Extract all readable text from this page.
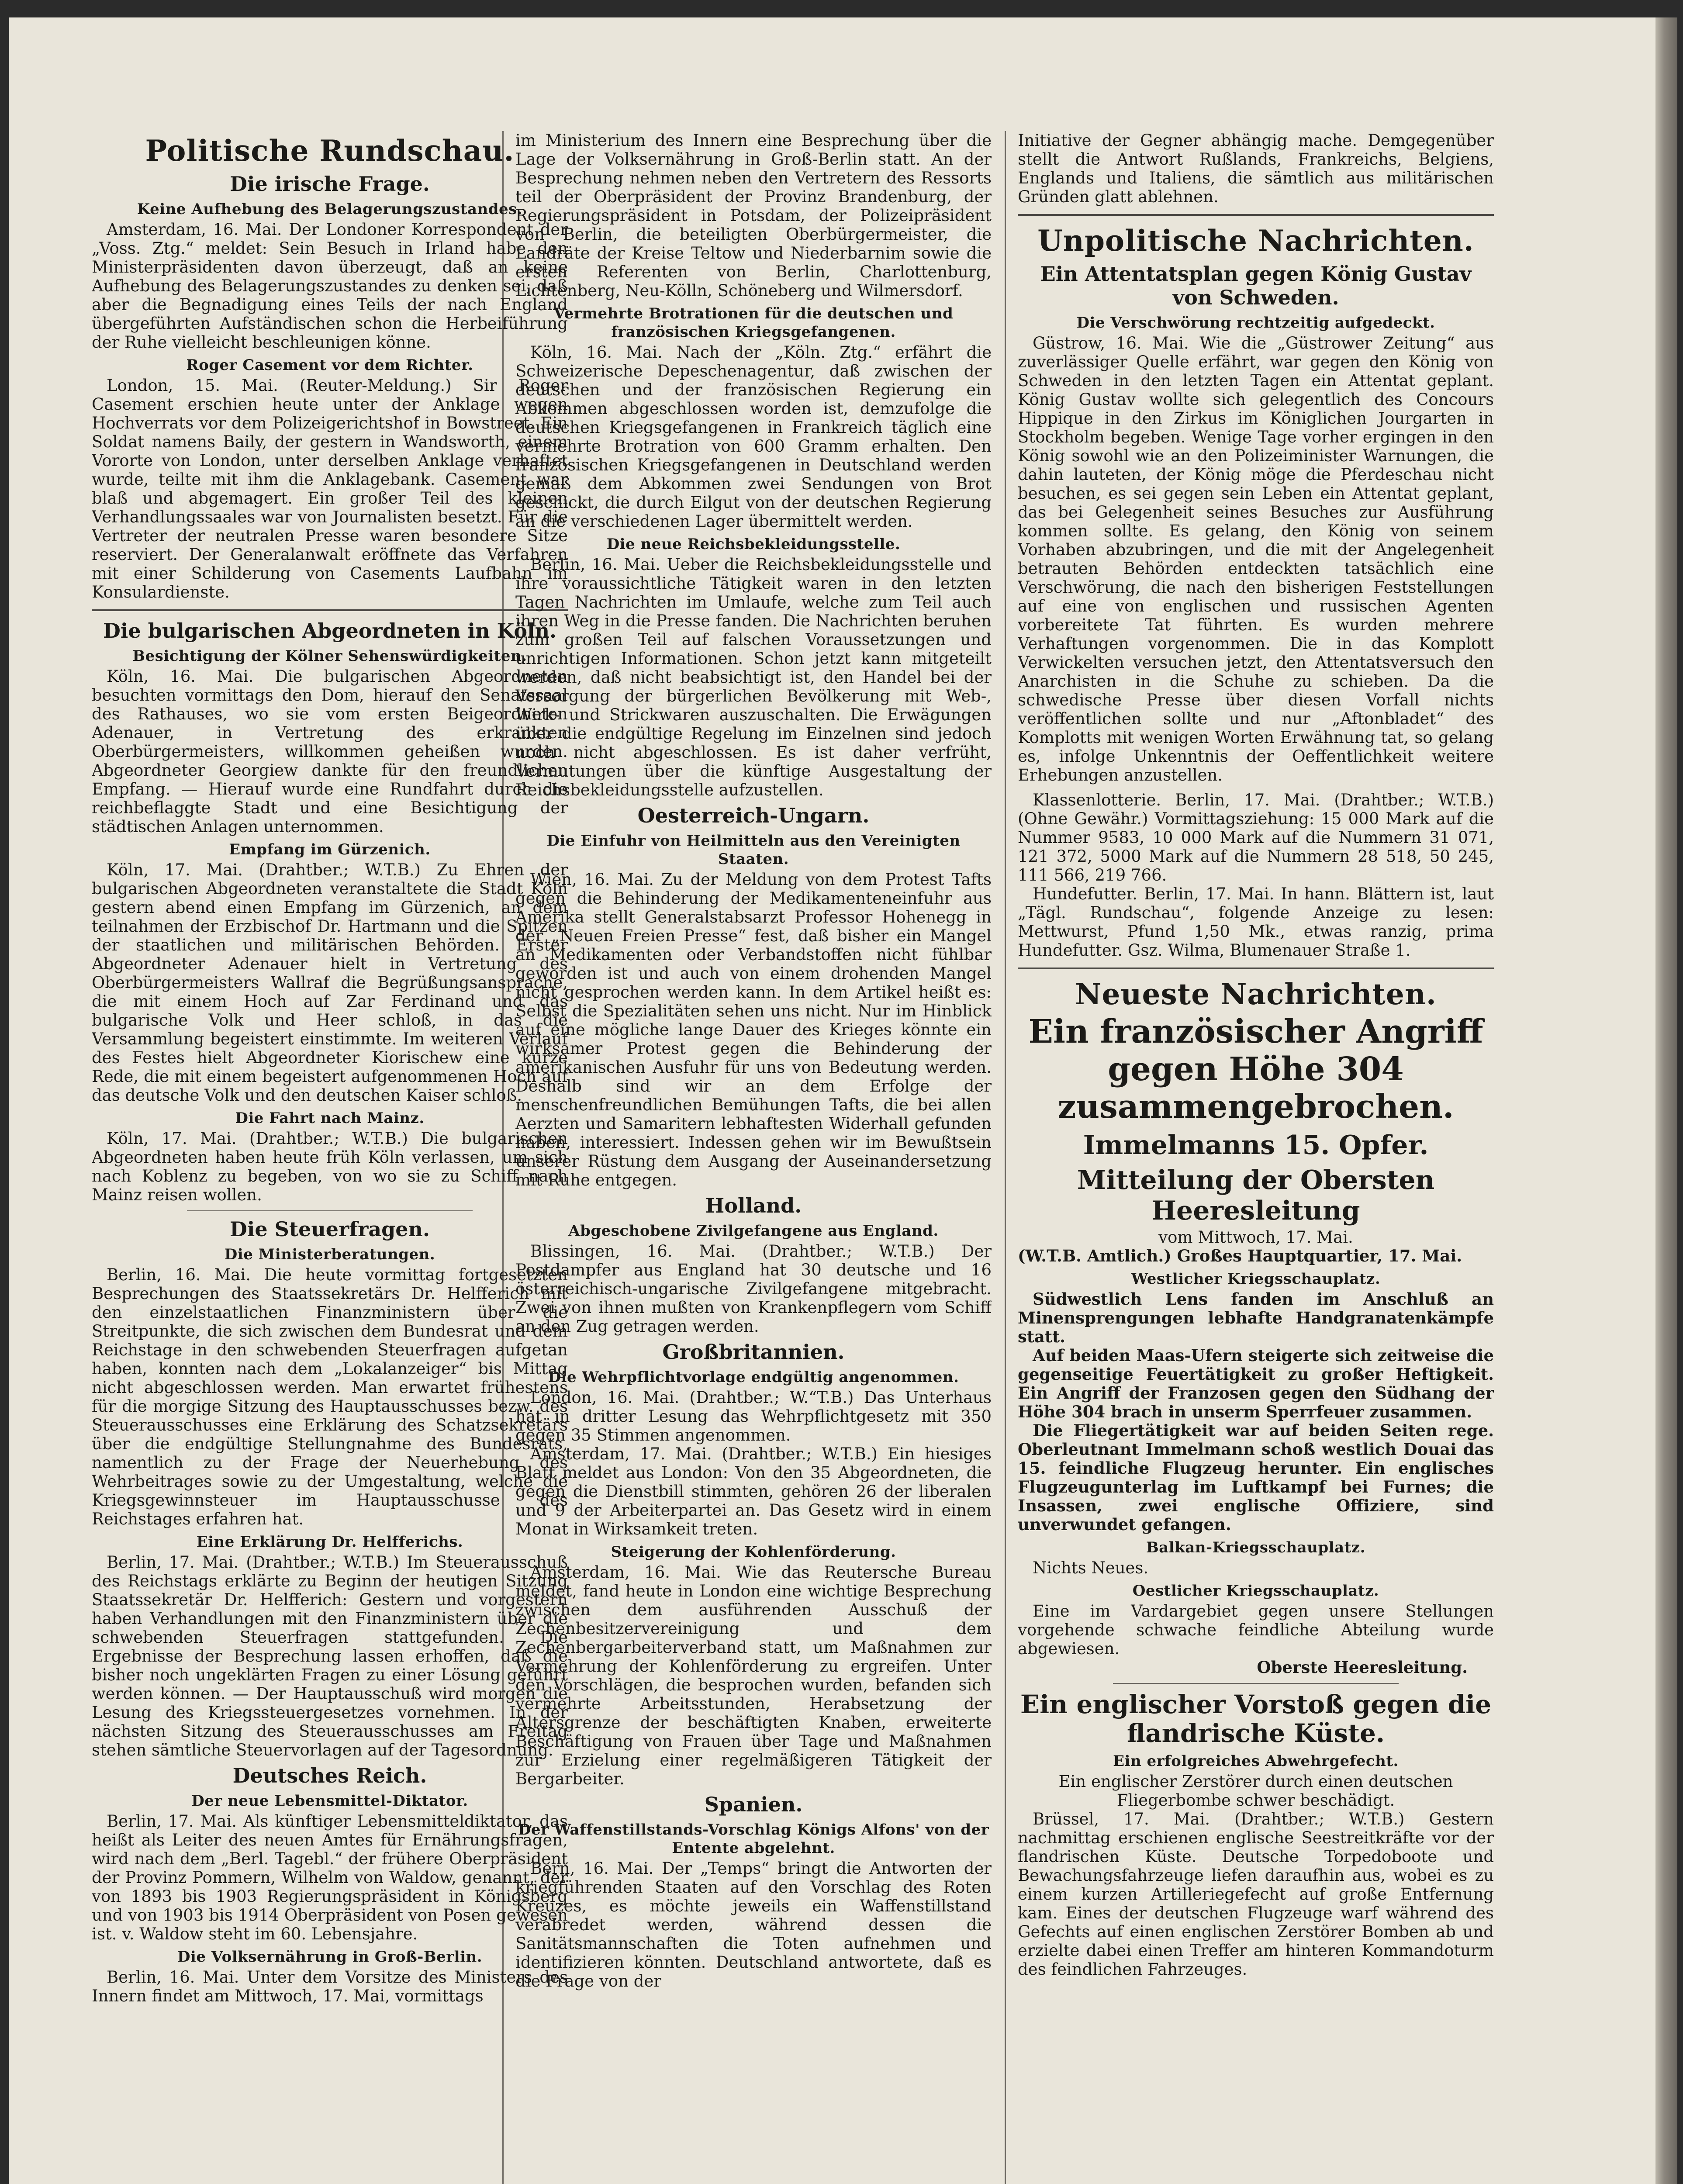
Politische Rundschau.
Die irische Frage.
Keine Aufhebung des Belagerungszustandes.

Amsterdam, 16. Mai. Der Londoner Korrespondent der „Voss. Ztg.“ meldet: Sein Besuch in Irland habe den Ministerpräsidenten davon überzeugt, daß an keine Aufhebung des Belagerungszustandes zu denken sei, daß aber die Begnadigung eines Teils der nach England übergeführten Aufständischen schon die Herbeiführung der Ruhe vielleicht beschleunigen könne.

Roger Casement vor dem Richter.

London, 15. Mai. (Reuter-Meldung.) Sir Roger Casement erschien heute unter der Anklage wegen Hochverrats vor dem Polizeigerichtshof in Bowstreet. Ein Soldat namens Baily, der gestern in Wandsworth, einem Vororte von London, unter derselben Anklage verhaftet wurde, teilte mit ihm die Anklagebank. Casement war blaß und abgemagert. Ein großer Teil des kleinen Verhandlungssaales war von Journalisten besetzt. Für die Vertreter der neutralen Presse waren besondere Sitze reserviert. Der Generalanwalt eröffnete das Verfahren mit einer Schilderung von Casements Laufbahn im Konsulardienste.

Die bulgarischen Abgeordneten in Köln.
Besichtigung der Kölner Sehenswürdigkeiten.

Köln, 16. Mai. Die bulgarischen Abgeordneten besuchten vormittags den Dom, hierauf den Senatssaal des Rathauses, wo sie vom ersten Beigeordneten Adenauer, in Vertretung des erkrankten Oberbürgermeisters, willkommen geheißen wurden. Abgeordneter Georgiew dankte für den freundlichen Empfang. — Hierauf wurde eine Rundfahrt durch die reichbeflaggte Stadt und eine Besichtigung der städtischen Anlagen unternommen.

Empfang im Gürzenich.

Köln, 17. Mai. (Drahtber.; W.T.B.) Zu Ehren der bulgarischen Abgeordneten veranstaltete die Stadt Köln gestern abend einen Empfang im Gürzenich, an dem teilnahmen der Erzbischof Dr. Hartmann und die Spitzen der staatlichen und militärischen Behörden. Erster Abgeordneter Adenauer hielt in Vertretung des Oberbürgermeisters Wallraf die Begrüßungsansprache, die mit einem Hoch auf Zar Ferdinand und das bulgarische Volk und Heer schloß, in das die Versammlung begeistert einstimmte. Im weiteren Verlauf des Festes hielt Abgeordneter Kiorischew eine kurze Rede, die mit einem begeistert aufgenommenen Hoch auf das deutsche Volk und den deutschen Kaiser schloß.

Die Fahrt nach Mainz.

Köln, 17. Mai. (Drahtber.; W.T.B.) Die bulgarischen Abgeordneten haben heute früh Köln verlassen, um sich nach Koblenz zu begeben, von wo sie zu Schiff nach Mainz reisen wollen.

Die Steuerfragen.
Die Ministerberatungen.

Berlin, 16. Mai. Die heute vormittag fortgesetzten Besprechungen des Staatssekretärs Dr. Helfferich mit den einzelstaatlichen Finanzministern über die Streitpunkte, die sich zwischen dem Bundesrat und dem Reichstage in den schwebenden Steuerfragen aufgetan haben, konnten nach dem „Lokalanzeiger“ bis Mittag nicht abgeschlossen werden. Man erwartet frühestens für die morgige Sitzung des Hauptausschusses bezw. des Steuerausschusses eine Erklärung des Schatzsekretärs über die endgültige Stellungnahme des Bundesrats, namentlich zu der Frage der Neuerhebung des Wehrbeitrages sowie zu der Umgestaltung, welche die Kriegsgewinnsteuer im Hauptausschusse des Reichstages erfahren hat.

Eine Erklärung Dr. Helfferichs.

Berlin, 17. Mai. (Drahtber.; W.T.B.) Im Steuerausschuß des Reichstags erklärte zu Beginn der heutigen Sitzung Staatssekretär Dr. Helfferich: Gestern und vorgestern haben Verhandlungen mit den Finanzministern über die schwebenden Steuerfragen stattgefunden. Die Ergebnisse der Besprechung lassen erhoffen, daß die bisher noch ungeklärten Fragen zu einer Lösung geführt werden können. — Der Hauptausschuß wird morgen die Lesung des Kriegssteuergesetzes vornehmen. In der nächsten Sitzung des Steuerausschusses am Freitag stehen sämtliche Steuervorlagen auf der Tagesordnung.

Deutsches Reich.
Der neue Lebensmittel-Diktator.

Berlin, 17. Mai. Als künftiger Lebensmitteldiktator, das heißt als Leiter des neuen Amtes für Ernährungsfragen, wird nach dem „Berl. Tagebl.“ der frühere Oberpräsident der Provinz Pommern, Wilhelm von Waldow, genannt, der von 1893 bis 1903 Regierungspräsident in Königsberg und von 1903 bis 1914 Oberpräsident von Posen gewesen ist. v. Waldow steht im 60. Lebensjahre.

Die Volksernährung in Groß-Berlin.

Berlin, 16. Mai. Unter dem Vorsitze des Ministers des Innern findet am Mittwoch, 17. Mai, vormittags

im Ministerium des Innern eine Besprechung über die Lage der Volksernährung in Groß-Berlin statt. An der Besprechung nehmen neben den Vertretern des Ressorts teil der Oberpräsident der Provinz Brandenburg, der Regierungspräsident in Potsdam, der Polizeipräsident von Berlin, die beteiligten Oberbürgermeister, die Landräte der Kreise Teltow und Niederbarnim sowie die ersten Referenten von Berlin, Charlottenburg, Lichtenberg, Neu-Kölln, Schöneberg und Wilmersdorf.

Vermehrte Brotrationen für die deutschen und französischen Kriegsgefangenen.

Köln, 16. Mai. Nach der „Köln. Ztg.“ erfährt die Schweizerische Depeschenagentur, daß zwischen der deutschen und der französischen Regierung ein Abkommen abgeschlossen worden ist, demzufolge die deutschen Kriegsgefangenen in Frankreich täglich eine vermehrte Brotration von 600 Gramm erhalten. Den französischen Kriegsgefangenen in Deutschland werden gemäß dem Abkommen zwei Sendungen von Brot geschickt, die durch Eilgut von der deutschen Regierung an die verschiedenen Lager übermittelt werden.

Die neue Reichsbekleidungsstelle.

Berlin, 16. Mai. Ueber die Reichsbekleidungsstelle und ihre voraussichtliche Tätigkeit waren in den letzten Tagen Nachrichten im Umlaufe, welche zum Teil auch ihren Weg in die Presse fanden. Die Nachrichten beruhen zum großen Teil auf falschen Voraussetzungen und unrichtigen Informationen. Schon jetzt kann mitgeteilt werden, daß nicht beabsichtigt ist, den Handel bei der Versorgung der bürgerlichen Bevölkerung mit Web-, Wirk- und Strickwaren auszuschalten. Die Erwägungen über die endgültige Regelung im Einzelnen sind jedoch noch nicht abgeschlossen. Es ist daher verfrüht, Vermutungen über die künftige Ausgestaltung der Reichsbekleidungsstelle aufzustellen.

Oesterreich-Ungarn.
Die Einfuhr von Heilmitteln aus den Vereinigten Staaten.

Wien, 16. Mai. Zu der Meldung von dem Protest Tafts gegen die Behinderung der Medikamenteneinfuhr aus Amerika stellt Generalstabsarzt Professor Hohenegg in der „Neuen Freien Presse“ fest, daß bisher ein Mangel an Medikamenten oder Verbandstoffen nicht fühlbar geworden ist und auch von einem drohenden Mangel nicht gesprochen werden kann. In dem Artikel heißt es: Selbst die Spezialitäten sehen uns nicht. Nur im Hinblick auf eine mögliche lange Dauer des Krieges könnte ein wirksamer Protest gegen die Behinderung der amerikanischen Ausfuhr für uns von Bedeutung werden. Deshalb sind wir an dem Erfolge der menschenfreundlichen Bemühungen Tafts, die bei allen Aerzten und Samaritern lebhaftesten Widerhall gefunden haben, interessiert. Indessen gehen wir im Bewußtsein unserer Rüstung dem Ausgang der Auseinandersetzung mit Ruhe entgegen.

Holland.
Abgeschobene Zivilgefangene aus England.

Blissingen, 16. Mai. (Drahtber.; W.T.B.) Der Postdampfer aus England hat 30 deutsche und 16 österreichisch-ungarische Zivilgefangene mitgebracht. Zwei von ihnen mußten von Krankenpflegern vom Schiff an den Zug getragen werden.

Großbritannien.
Die Wehrpflichtvorlage endgültig angenommen.

London, 16. Mai. (Drahtber.; W.“T.B.) Das Unterhaus hat in dritter Lesung das Wehrpflichtgesetz mit 350 gegen 35 Stimmen angenommen.

Amsterdam, 17. Mai. (Drahtber.; W.T.B.) Ein hiesiges Blatt meldet aus London: Von den 35 Abgeordneten, die gegen die Dienstbill stimmten, gehören 26 der liberalen und 9 der Arbeiterpartei an. Das Gesetz wird in einem Monat in Wirksamkeit treten.

Steigerung der Kohlenförderung.

Amsterdam, 16. Mai. Wie das Reutersche Bureau meldet, fand heute in London eine wichtige Besprechung zwischen dem ausführenden Ausschuß der Zechenbesitzervereinigung und dem Zechenbergarbeiterverband statt, um Maßnahmen zur Vermehrung der Kohlenförderung zu ergreifen. Unter den Vorschlägen, die besprochen wurden, befanden sich vermehrte Arbeitsstunden, Herabsetzung der Altersgrenze der beschäftigten Knaben, erweiterte Beschäftigung von Frauen über Tage und Maßnahmen zur Erzielung einer regelmäßigeren Tätigkeit der Bergarbeiter.

Spanien.
Der Waffenstillstands-Vorschlag Königs Alfons' von der Entente abgelehnt.

Bern, 16. Mai. Der „Temps“ bringt die Antworten der kriegführenden Staaten auf den Vorschlag des Roten Kreuzes, es möchte jeweils ein Waffenstillstand verabredet werden, während dessen die Sanitätsmannschaften die Toten aufnehmen und identifizieren könnten. Deutschland antwortete, daß es die Frage von der

Initiative der Gegner abhängig mache. Demgegenüber stellt die Antwort Rußlands, Frankreichs, Belgiens, Englands und Italiens, die sämtlich aus militärischen Gründen glatt ablehnen.

Unpolitische Nachrichten.
Ein Attentatsplan gegen König Gustav von Schweden.
Die Verschwörung rechtzeitig aufgedeckt.

Güstrow, 16. Mai. Wie die „Güstrower Zeitung“ aus zuverlässiger Quelle erfährt, war gegen den König von Schweden in den letzten Tagen ein Attentat geplant. König Gustav wollte sich gelegentlich des Concours Hippique in den Zirkus im Königlichen Jourgarten in Stockholm begeben. Wenige Tage vorher ergingen in den König sowohl wie an den Polizeiminister Warnungen, die dahin lauteten, der König möge die Pferdeschau nicht besuchen, es sei gegen sein Leben ein Attentat geplant, das bei Gelegenheit seines Besuches zur Ausführung kommen sollte. Es gelang, den König von seinem Vorhaben abzubringen, und die mit der Angelegenheit betrauten Behörden entdeckten tatsächlich eine Verschwörung, die nach den bisherigen Feststellungen auf eine von englischen und russischen Agenten vorbereitete Tat führten. Es wurden mehrere Verhaftungen vorgenommen. Die in das Komplott Verwickelten versuchen jetzt, den Attentatsversuch den Anarchisten in die Schuhe zu schieben. Da die schwedische Presse über diesen Vorfall nichts veröffentlichen sollte und nur „Aftonbladet“ des Komplotts mit wenigen Worten Erwähnung tat, so gelang es, infolge Unkenntnis der Oeffentlichkeit weitere Erhebungen anzustellen.

Klassenlotterie. Berlin, 17. Mai. (Drahtber.; W.T.B.) (Ohne Gewähr.) Vormittagsziehung: 15 000 Mark auf die Nummer 9583, 10 000 Mark auf die Nummern 31 071, 121 372, 5000 Mark auf die Nummern 28 518, 50 245, 111 566, 219 766.

Hundefutter. Berlin, 17. Mai. In hann. Blättern ist, laut „Tägl. Rundschau“, folgende Anzeige zu lesen: Mettwurst, Pfund 1,50 Mk., etwas ranzig, prima Hundefutter. Gsz. Wilma, Blumenauer Straße 1.

Neueste Nachrichten.
Ein französischer Angriff gegen Höhe 304 zusammengebrochen.
Immelmanns 15. Opfer.
Mitteilung der Obersten Heeresleitung

vom Mittwoch, 17. Mai.

(W.T.B. Amtlich.) Großes Hauptquartier, 17. Mai.

Westlicher Kriegsschauplatz.

Südwestlich Lens fanden im Anschluß an Minensprengungen lebhafte Handgranatenkämpfe statt.

Auf beiden Maas-Ufern steigerte sich zeitweise die gegenseitige Feuertätigkeit zu großer Heftigkeit. Ein Angriff der Franzosen gegen den Südhang der Höhe 304 brach in unserm Sperrfeuer zusammen.

Die Fliegertätigkeit war auf beiden Seiten rege. Oberleutnant Immelmann schoß westlich Douai das 15. feindliche Flugzeug herunter. Ein englisches Flugzeugunterlag im Luftkampf bei Furnes; die Insassen, zwei englische Offiziere, sind unverwundet gefangen.

Balkan-Kriegsschauplatz.

Nichts Neues.

Oestlicher Kriegsschauplatz.

Eine im Vardargebiet gegen unsere Stellungen vorgehende schwache feindliche Abteilung wurde abgewiesen.

Oberste Heeresleitung.

Ein englischer Vorstoß gegen die flandrische Küste.
Ein erfolgreiches Abwehrgefecht.

Ein englischer Zerstörer durch einen deutschen Fliegerbombe schwer beschädigt.

Brüssel, 17. Mai. (Drahtber.; W.T.B.) Gestern nachmittag erschienen englische Seestreitkräfte vor der flandrischen Küste. Deutsche Torpedoboote und Bewachungsfahrzeuge liefen daraufhin aus, wobei es zu einem kurzen Artilleriegefecht auf große Entfernung kam. Eines der deutschen Flugzeuge warf während des Gefechts auf einen englischen Zerstörer Bomben ab und erzielte dabei einen Treffer am hinteren Kommandoturm des feindlichen Fahrzeuges.
